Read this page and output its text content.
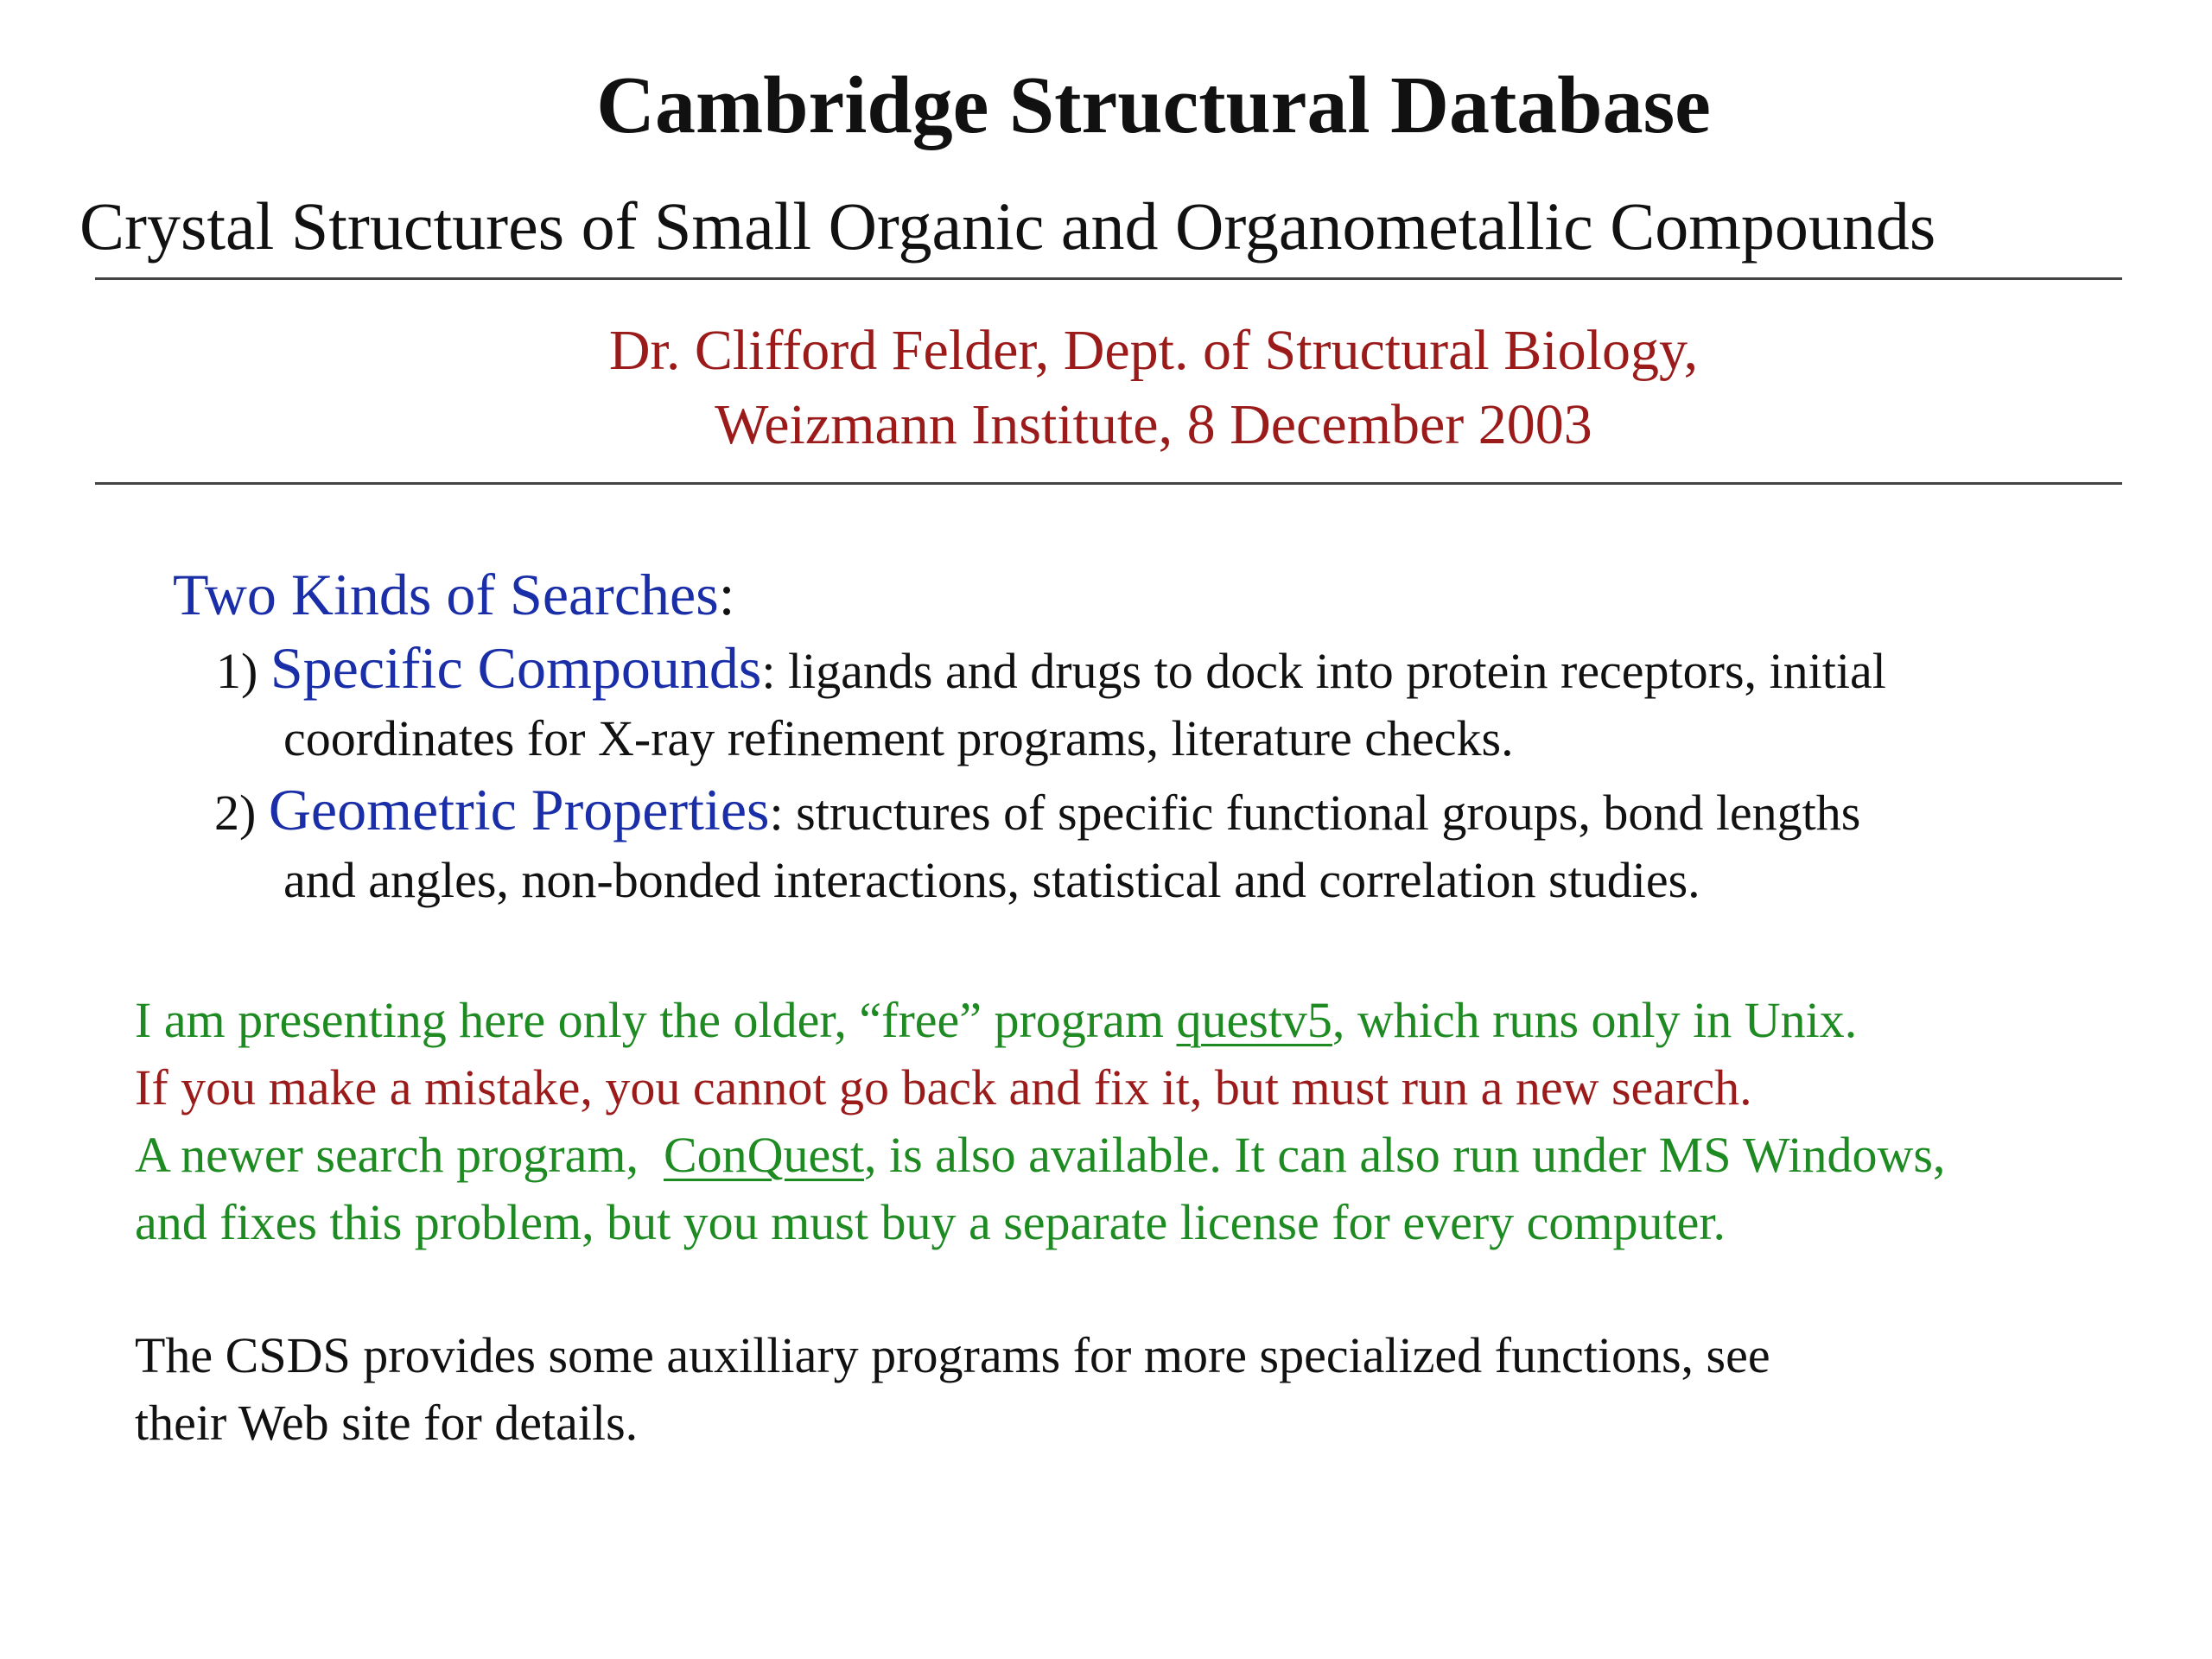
Cambridge Structural Database
Crystal Structures of Small Organic and Organometallic Compounds
Dr. Clifford Felder, Dept. of Structural Biology,
Weizmann Institute, 8 December 2003
Two Kinds of Searches:
1) Specific Compounds: ligands and drugs to dock into protein receptors, initial
coordinates for X-ray refinement programs, literature checks.
2) Geometric Properties: structures of specific functional groups, bond lengths
and angles, non-bonded interactions, statistical and correlation studies.
I am presenting here only the older, “free” program questv5, which runs only in Unix.
If you make a mistake, you cannot go back and fix it, but must run a new search.
A newer search program,  ConQuest, is also available. It can also run under MS Windows,
and fixes this problem, but you must buy a separate license for every computer.
The CSDS provides some auxilliary programs for more specialized functions, see
their Web site for details.
